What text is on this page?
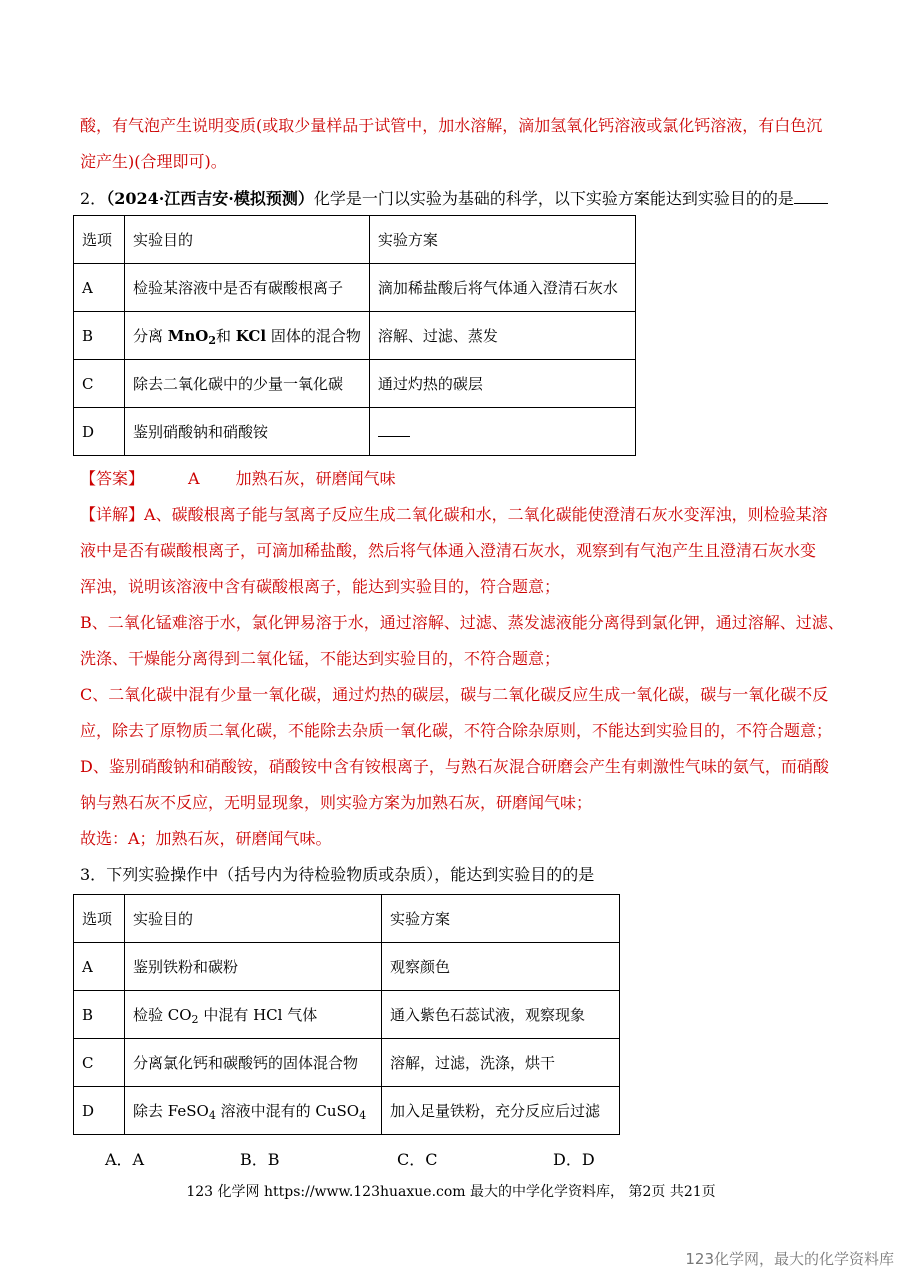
酸，有气泡产生说明变质(或取少量样品于试管中，加水溶解，滴加氢氧化钙溶液或氯化钙溶液，有白色沉
淀产生)(合理即可)。
2．（2024·江西吉安·模拟预测）化学是一门以实验为基础的科学，以下实验方案能达到实验目的的是
选项	实验目的	实验方案
A	检验某溶液中是否有碳酸根离子	滴加稀盐酸后将气体通入澄清石灰水
B	分离 MnO$_2$和 KCl 固体的混合物	溶解、过滤、蒸发
C	除去二氧化碳中的少量一氧化碳	通过灼热的碳层
D	鉴别硝酸钠和硝酸铵	
【答案】	A 加熟石灰，研磨闻气味
【详解】A、碳酸根离子能与氢离子反应生成二氧化碳和水，二氧化碳能使澄清石灰水变浑浊，则检验某溶
液中是否有碳酸根离子，可滴加稀盐酸，然后将气体通入澄清石灰水，观察到有气泡产生且澄清石灰水变
浑浊，说明该溶液中含有碳酸根离子，能达到实验目的，符合题意；
B、二氧化锰难溶于水，氯化钾易溶于水，通过溶解、过滤、蒸发滤液能分离得到氯化钾，通过溶解、过滤、
洗涤、干燥能分离得到二氧化锰，不能达到实验目的，不符合题意；
C、二氧化碳中混有少量一氧化碳，通过灼热的碳层，碳与二氧化碳反应生成一氧化碳，碳与一氧化碳不反
应，除去了原物质二氧化碳，不能除去杂质一氧化碳，不符合除杂原则，不能达到实验目的，不符合题意；
D、鉴别硝酸钠和硝酸铵，硝酸铵中含有铵根离子，与熟石灰混合研磨会产生有刺激性气味的氨气，而硝酸
钠与熟石灰不反应，无明显现象，则实验方案为加熟石灰，研磨闻气味；
故选：A；加熟石灰，研磨闻气味。
3．下列实验操作中（括号内为待检验物质或杂质），能达到实验目的的是
选项	实验目的	实验方案
A	鉴别铁粉和碳粉	观察颜色
B	检验 $CO_2$ 中混有 HCl 气体	通入紫色石蕊试液，观察现象
C	分离氯化钙和碳酸钙的固体混合物	溶解，过滤，洗涤，烘干
D	除去 FeSO$_4$ 溶液中混有的 CuSO$_4$	加入足量铁粉，充分反应后过滤
A．A	B．B	C．C	D．D
123 化学网 https://www.123huaxue.com 最大的中学化学资料库， 第2页 共21页
123化学网，最大的化学资料库
